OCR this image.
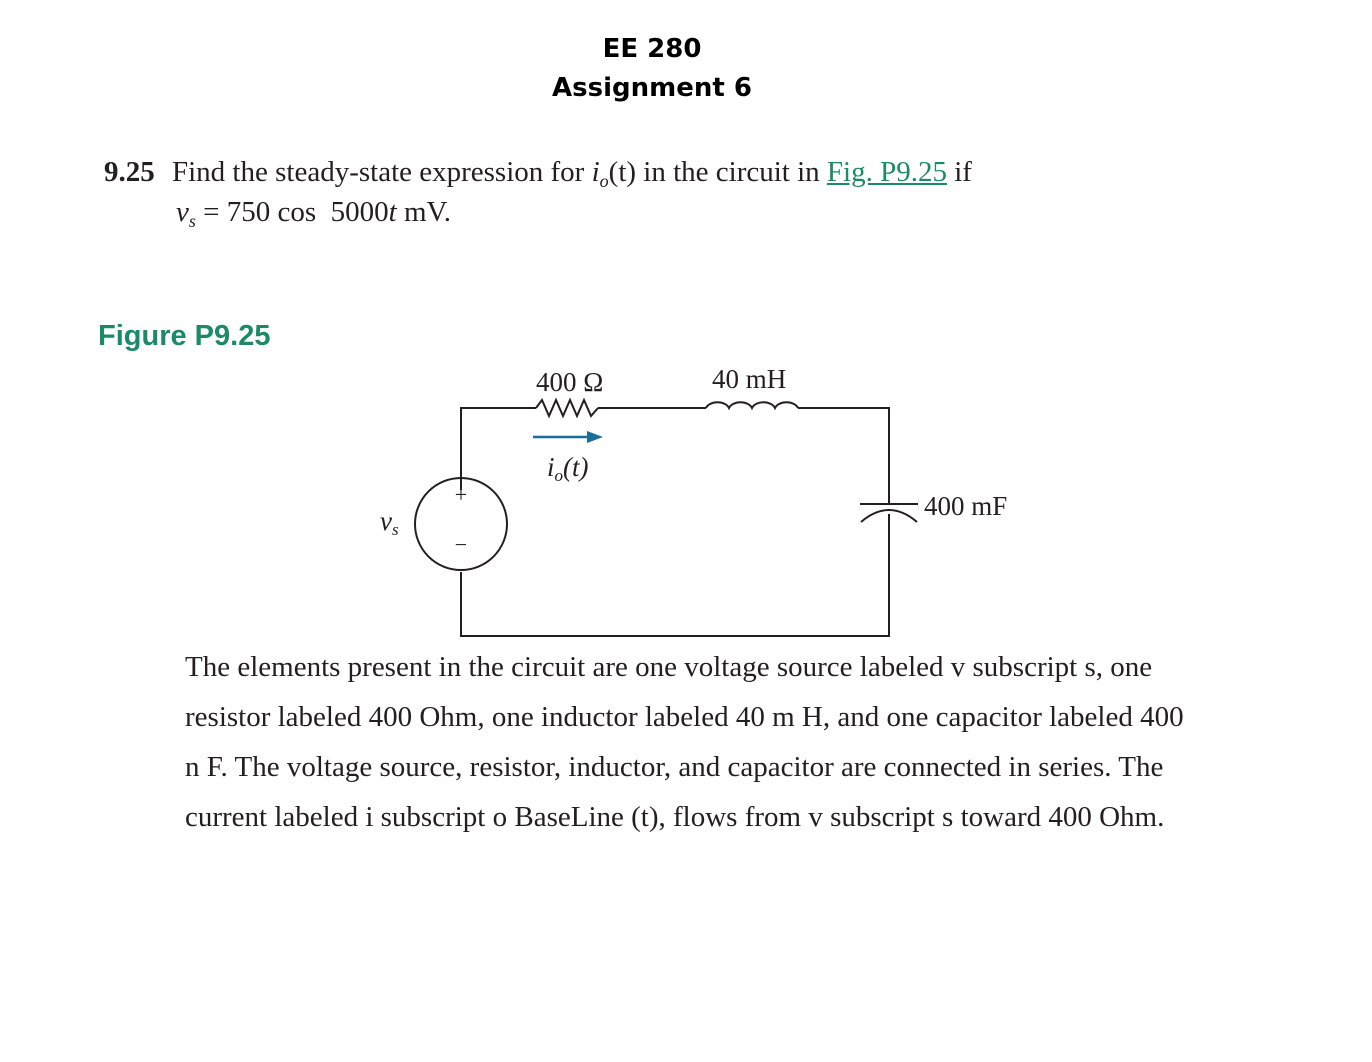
EE 280
Assignment 6
9.25 Find the steady-state expression for $i_o(t)$ in the circuit in Fig. P9.25 if
$v_s = 750$ cos  5000t mV.
Figure P9.25
400 Ω	40 mH
400 mF
io(t)
vs
+
−
The elements present in the circuit are one voltage source labeled v subscript s, one resistor labeled 400 Ohm, one inductor labeled 40 m H, and one capacitor labeled 400 n F. The voltage source, resistor, inductor, and capacitor are connected in series. The current labeled i subscript o BaseLine (t), flows from v subscript s toward 400 Ohm.
